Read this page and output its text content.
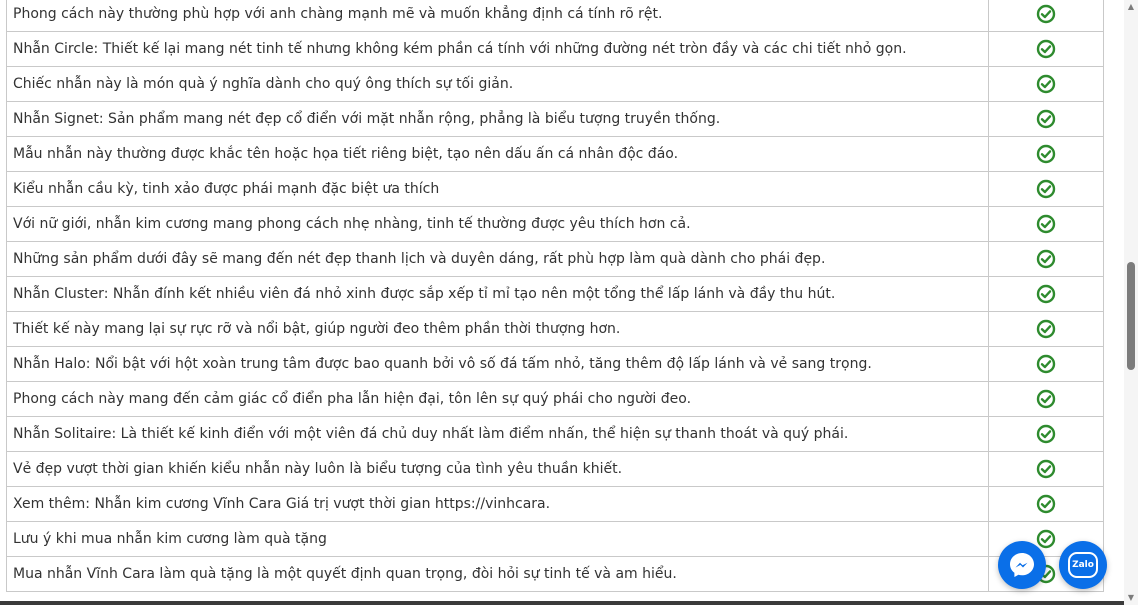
Phong cách này thường phù hợp với anh chàng mạnh mẽ và muốn khẳng định cá tính rõ rệt.	
Nhẫn Circle: Thiết kế lại mang nét tinh tế nhưng không kém phần cá tính với những đường nét tròn đầy và các chi tiết nhỏ gọn.	
Chiếc nhẫn này là món quà ý nghĩa dành cho quý ông thích sự tối giản.	
Nhẫn Signet: Sản phẩm mang nét đẹp cổ điển với mặt nhẫn rộng, phẳng là biểu tượng truyền thống.	
Mẫu nhẫn này thường được khắc tên hoặc họa tiết riêng biệt, tạo nên dấu ấn cá nhân độc đáo.	
Kiểu nhẫn cầu kỳ, tinh xảo được phái mạnh đặc biệt ưa thích	
Với nữ giới, nhẫn kim cương mang phong cách nhẹ nhàng, tinh tế thường được yêu thích hơn cả.	
Những sản phẩm dưới đây sẽ mang đến nét đẹp thanh lịch và duyên dáng, rất phù hợp làm quà dành cho phái đẹp.	
Nhẫn Cluster: Nhẫn đính kết nhiều viên đá nhỏ xinh được sắp xếp tỉ mỉ tạo nên một tổng thể lấp lánh và đầy thu hút.	
Thiết kế này mang lại sự rực rỡ và nổi bật, giúp người đeo thêm phần thời thượng hơn.	
Nhẫn Halo: Nổi bật với hột xoàn trung tâm được bao quanh bởi vô số đá tấm nhỏ, tăng thêm độ lấp lánh và vẻ sang trọng.	
Phong cách này mang đến cảm giác cổ điển pha lẫn hiện đại, tôn lên sự quý phái cho người đeo.	
Nhẫn Solitaire: Là thiết kế kinh điển với một viên đá chủ duy nhất làm điểm nhấn, thể hiện sự thanh thoát và quý phái.	
Vẻ đẹp vượt thời gian khiến kiểu nhẫn này luôn là biểu tượng của tình yêu thuần khiết.	
Xem thêm: Nhẫn kim cương Vĩnh Cara Giá trị vượt thời gian https://vinhcara.	
Lưu ý khi mua nhẫn kim cương làm quà tặng	
Mua nhẫn Vĩnh Cara làm quà tặng là một quyết định quan trọng, đòi hỏi sự tinh tế và am hiểu.	
▲
▼
Zalo
